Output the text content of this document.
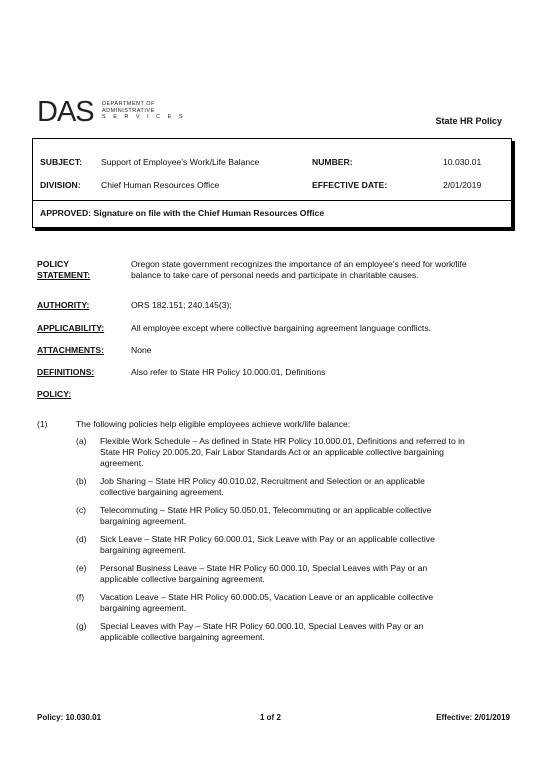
DAS DEPARTMENT OF
ADMINISTRATIVE
S E R V I C E S	State HR Policy
SUBJECT: Support of Employee’s Work/Life Balance	NUMBER:	10.030.01
DIVISION: Chief Human Resources Office	EFFECTIVE DATE:	2/01/2019
APPROVED: Signature on file with the Chief Human Resources Office
POLICY
STATEMENT:
Oregon state government recognizes the importance of an employee’s need for work/life
balance to take care of personal needs and participate in charitable causes.
AUTHORITY:	ORS 182.151; 240.145(3);
APPLICABILITY:	All employee except where collective bargaining agreement language conflicts.
ATTACHMENTS:	None
DEFINITIONS:	Also refer to State HR Policy 10.000.01, Definitions
POLICY:
(1)	The following policies help eligible employees achieve work/life balance:
(a) Flexible Work Schedule – As defined in State HR Policy 10.000.01, Definitions and referred to in
State HR Policy 20.005.20, Fair Labor Standards Act or an applicable collective bargaining
agreement.
(b) Job Sharing – State HR Policy 40.010.02, Recruitment and Selection or an applicable
collective bargaining agreement.
(c) Telecommuting – State HR Policy 50.050.01, Telecommuting or an applicable collective
bargaining agreement.
(d) Sick Leave – State HR Policy 60.000.01, Sick Leave with Pay or an applicable collective
bargaining agreement.
(e) Personal Business Leave – State HR Policy 60.000.10, Special Leaves with Pay or an
applicable collective bargaining agreement.
(f) Vacation Leave – State HR Policy 60.000.05, Vacation Leave or an applicable collective
bargaining agreement.
(g) Special Leaves with Pay – State HR Policy 60.000.10, Special Leaves with Pay or an
applicable collective bargaining agreement.
Policy: 10.030.01	1 of 2	Effective: 2/01/2019
